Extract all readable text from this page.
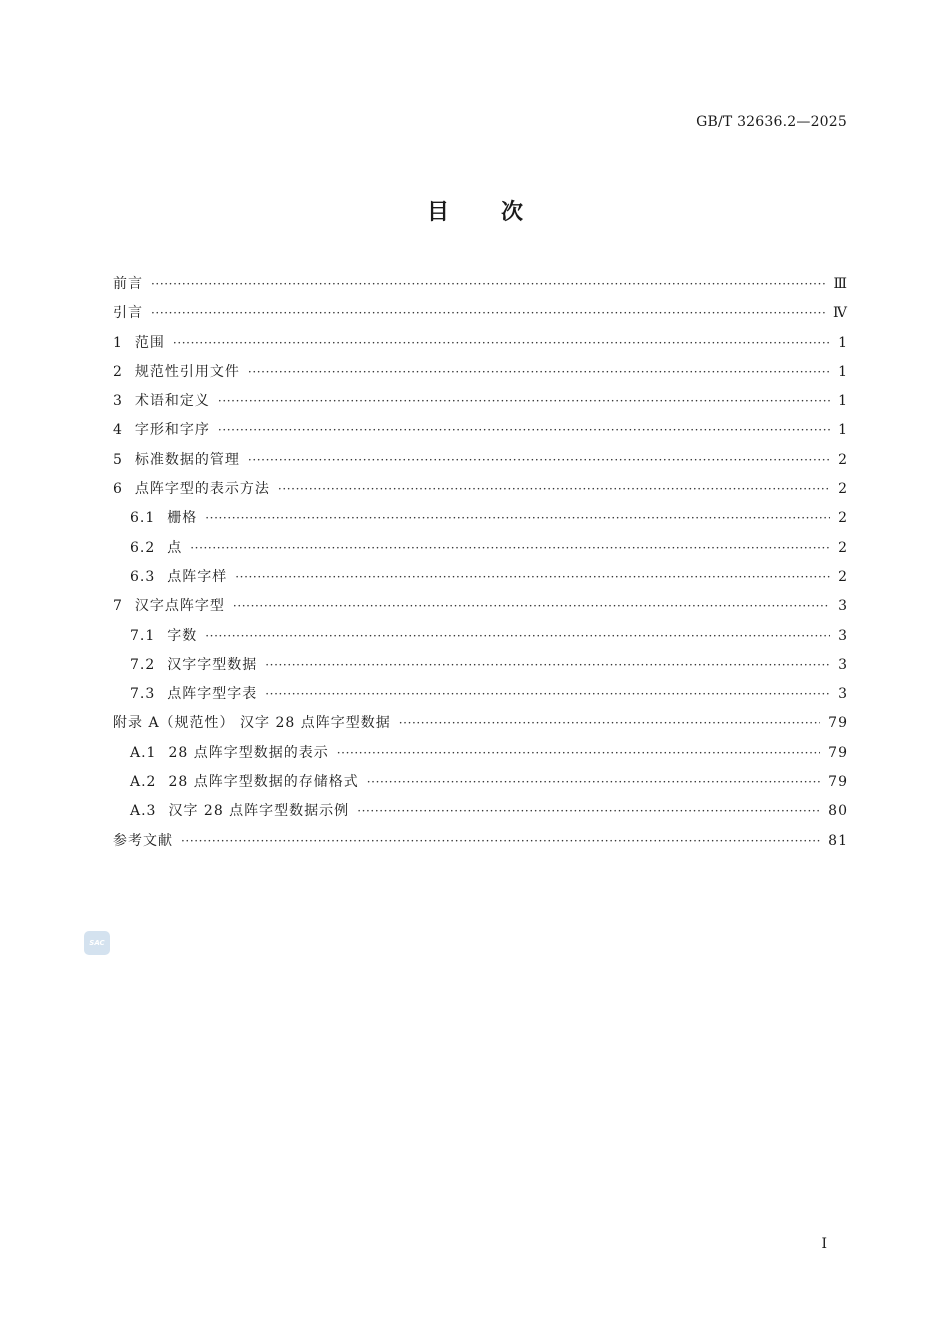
GB/T 32636.2—2025
目 次
前言 ·····	Ⅲ
引言 ·····	Ⅳ
1 范围 ·····	1
2 规范性引用文件 ·····	1
3 术语和定义 ·····	1
4 字形和字序 ·····	1
5 标准数据的管理 ·····	2
6 点阵字型的表示方法 ·····	2
6.1 栅格 ·····	2
6.2 点 ·····	2
6.3 点阵字样 ·····	2
7 汉字点阵字型 ·····	3
7.1 字数 ·····	3
7.2 汉字字型数据 ·····	3
7.3 点阵字型字表 ·····	3
附录 A（规范性） 汉字 28 点阵字型数据 ·····	79
A.1 28 点阵字型数据的表示 ·····	79
A.2 28 点阵字型数据的存储格式 ·····	79
A.3 汉字 28 点阵字型数据示例 ·····	80
参考文献 ·····	81
SAC
I
